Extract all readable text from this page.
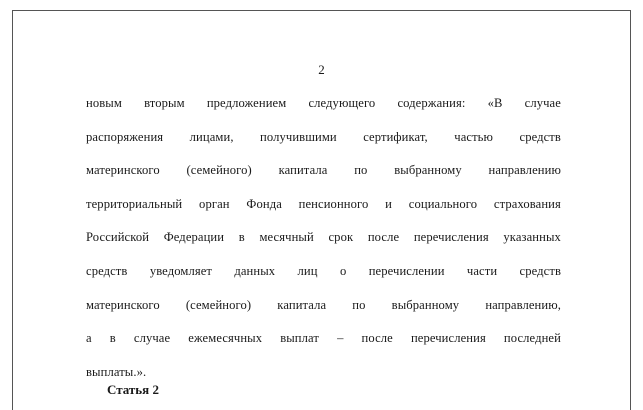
2
новым вторым предложением следующего содержания: «В случае
распоряжения лицами, получившими сертификат, частью средств
материнского (семейного) капитала по выбранному направлению
территориальный орган Фонда пенсионного и социального страхования
Российской Федерации в месячный срок после перечисления указанных
средств уведомляет данных лиц о перечислении части средств
материнского (семейного) капитала по выбранному направлению,
а в случае ежемесячных выплат – после перечисления последней
выплаты.».
Статья 2
